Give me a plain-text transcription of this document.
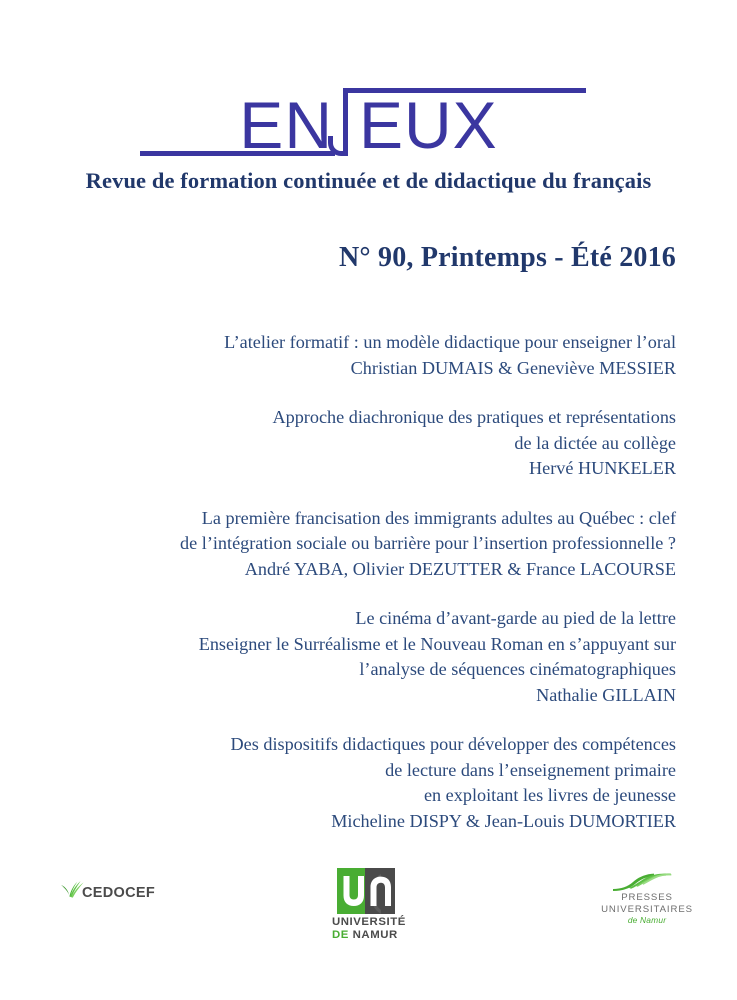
EN EUX
Revue de formation continuée et de didactique du français
N° 90, Printemps - Été 2016
L’atelier formatif : un modèle didactique pour enseigner l’oral
Christian DUMAIS & Geneviève MESSIER
Approche diachronique des pratiques et représentations
de la dictée au collège
Hervé HUNKELER
La première francisation des immigrants adultes au Québec : clef
de l’intégration sociale ou barrière pour l’insertion professionnelle ?
André YABA, Olivier DEZUTTER & France LACOURSE
Le cinéma d’avant-garde au pied de la lettre
Enseigner le Surréalisme et le Nouveau Roman en s’appuyant sur
l’analyse de séquences cinématographiques
Nathalie GILLAIN
Des dispositifs didactiques pour développer des compétences
de lecture dans l’enseignement primaire
en exploitant les livres de jeunesse
Micheline DISPY & Jean-Louis DUMORTIER
CEDOCEF
UNIVERSITÉ
DE NAMUR
PRESSES
UNIVERSITAIRES
de Namur
